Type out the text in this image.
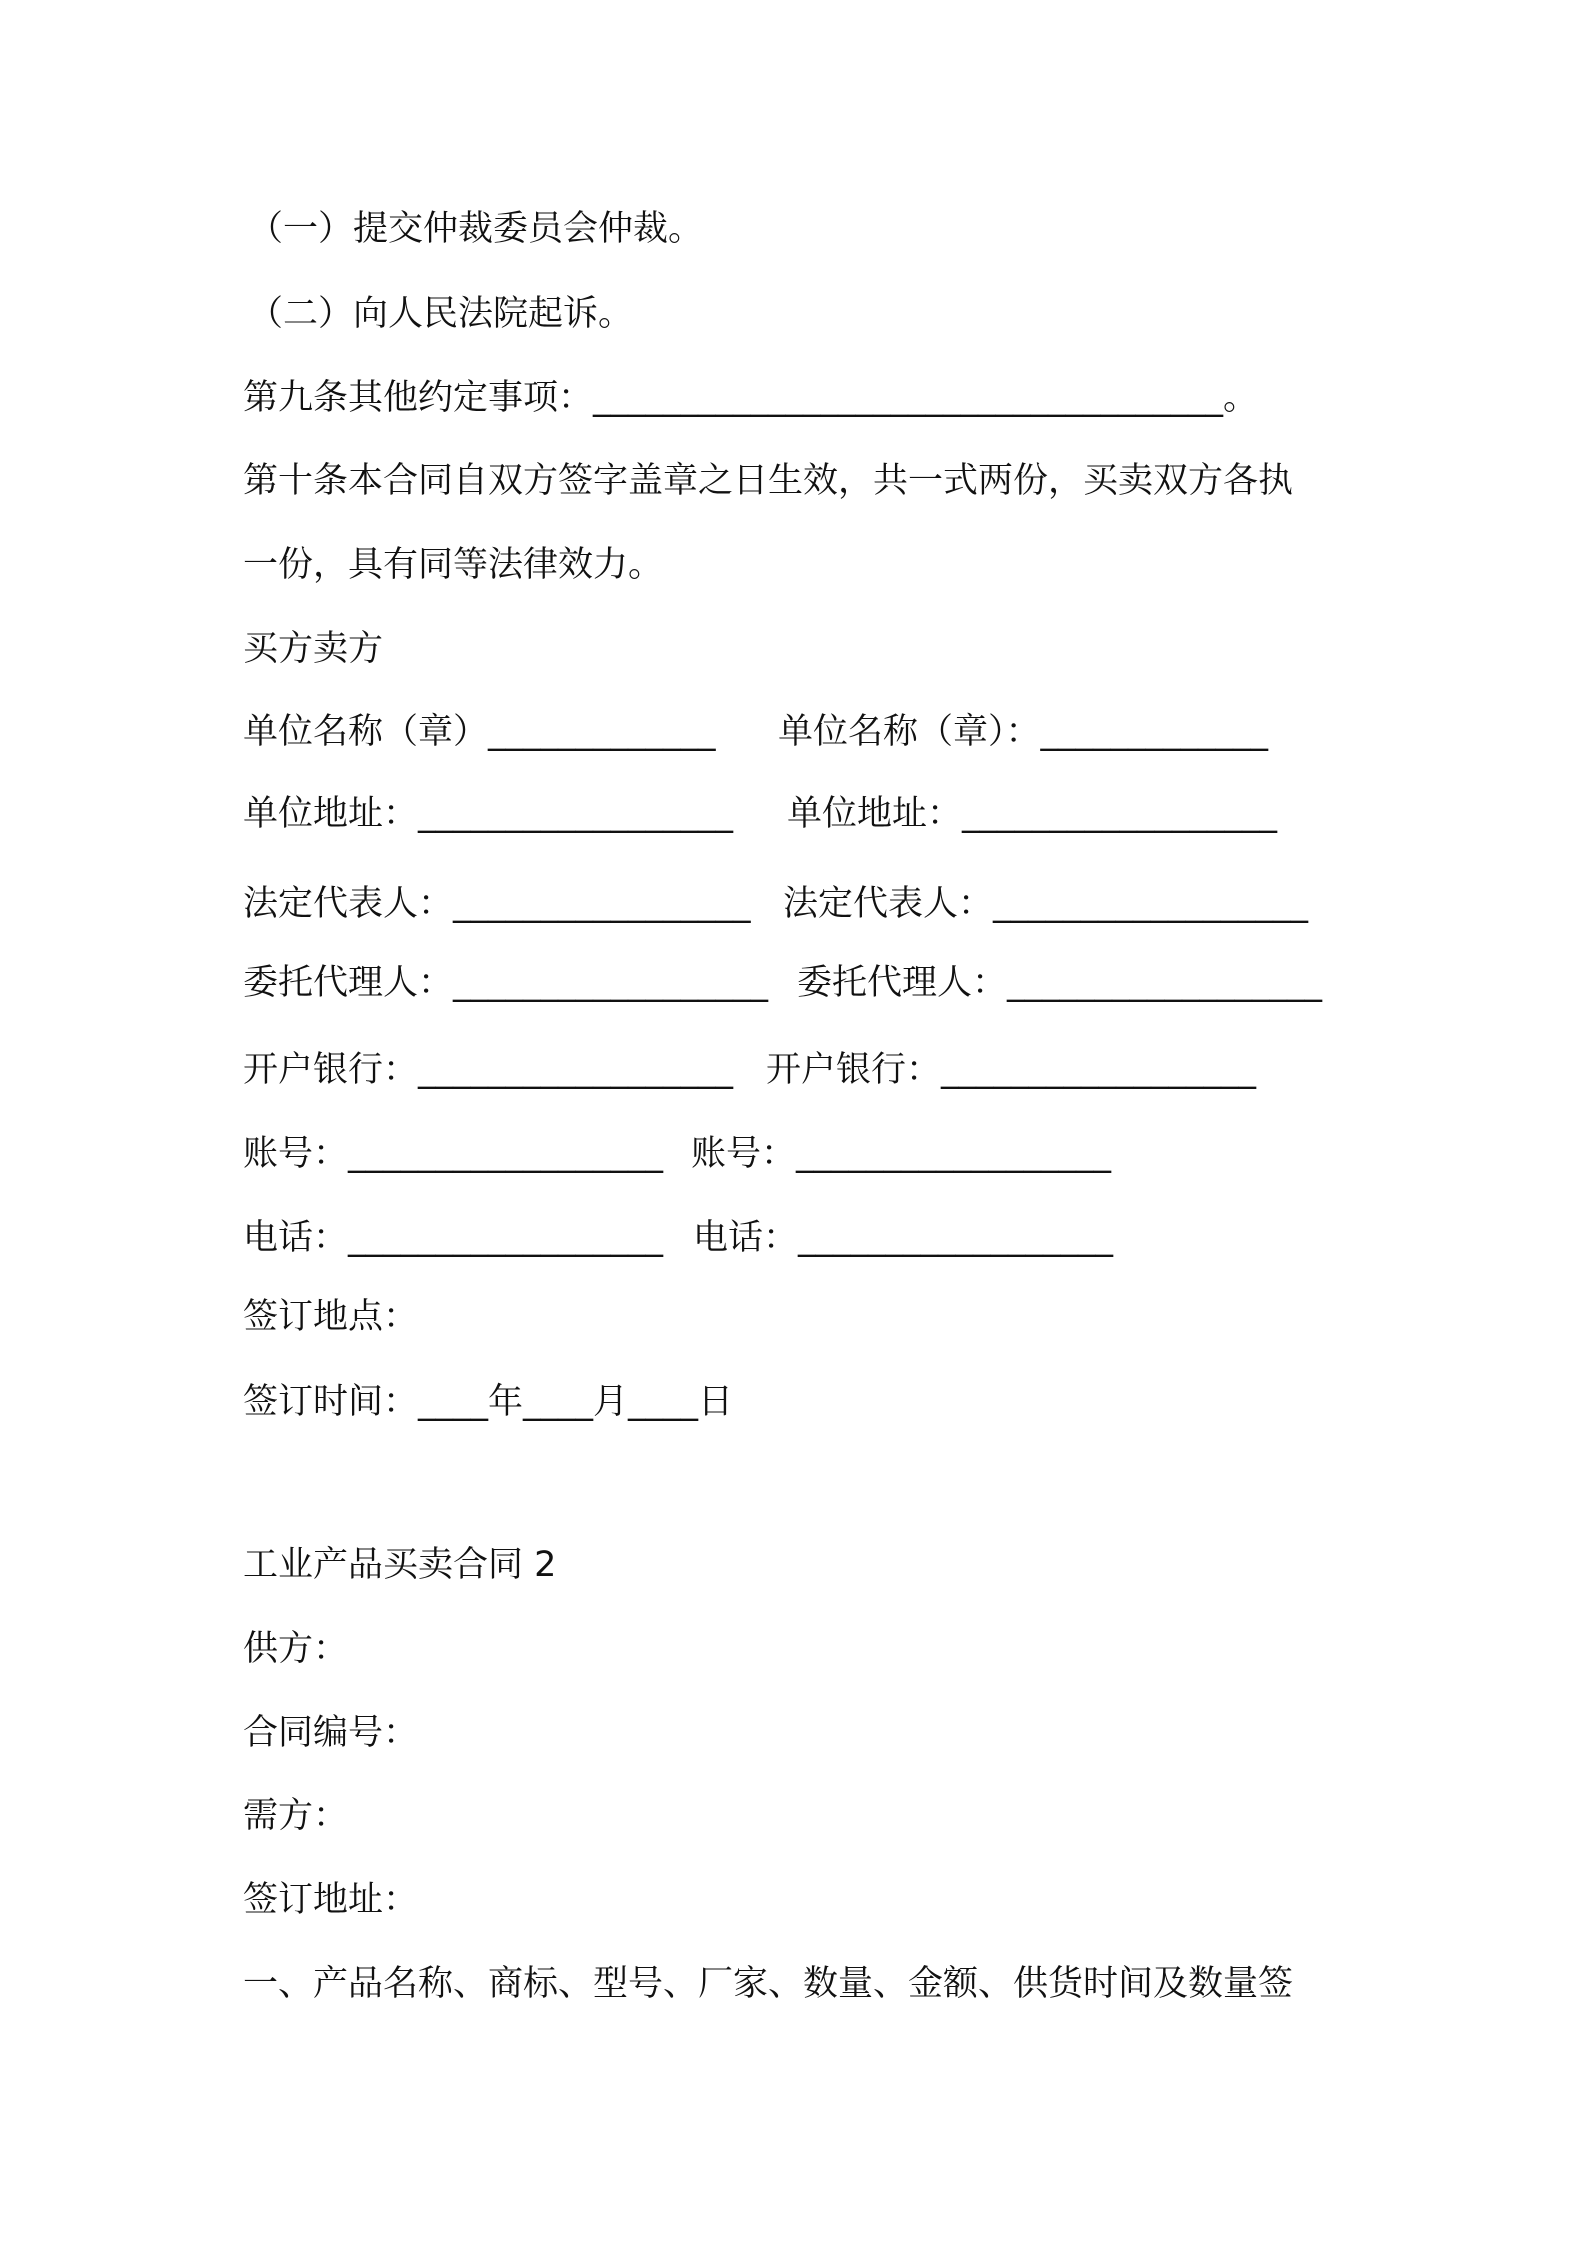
（一）提交仲裁委员会仲裁。
（二）向人民法院起诉。
第九条其他约定事项：____________________________________。
第十条本合同自双方签字盖章之日生效，共一式两份，买卖双方各执
一份，具有同等法律效力。
买方卖方
单位名称（章）_____________ 单位名称（章）：_____________
单位地址：__________________ 单位地址：__________________
法定代表人：_________________ 法定代表人：__________________
委托代理人：__________________ 委托代理人：__________________
开户银行：__________________ 开户银行：__________________
账号：__________________ 账号：__________________
电话：__________________ 电话：__________________
签订地点：
签订时间：____年____月____日
工业产品买卖合同 2
供方：
合同编号：
需方：
签订地址：
一、产品名称、商标、型号、厂家、数量、金额、供货时间及数量签
